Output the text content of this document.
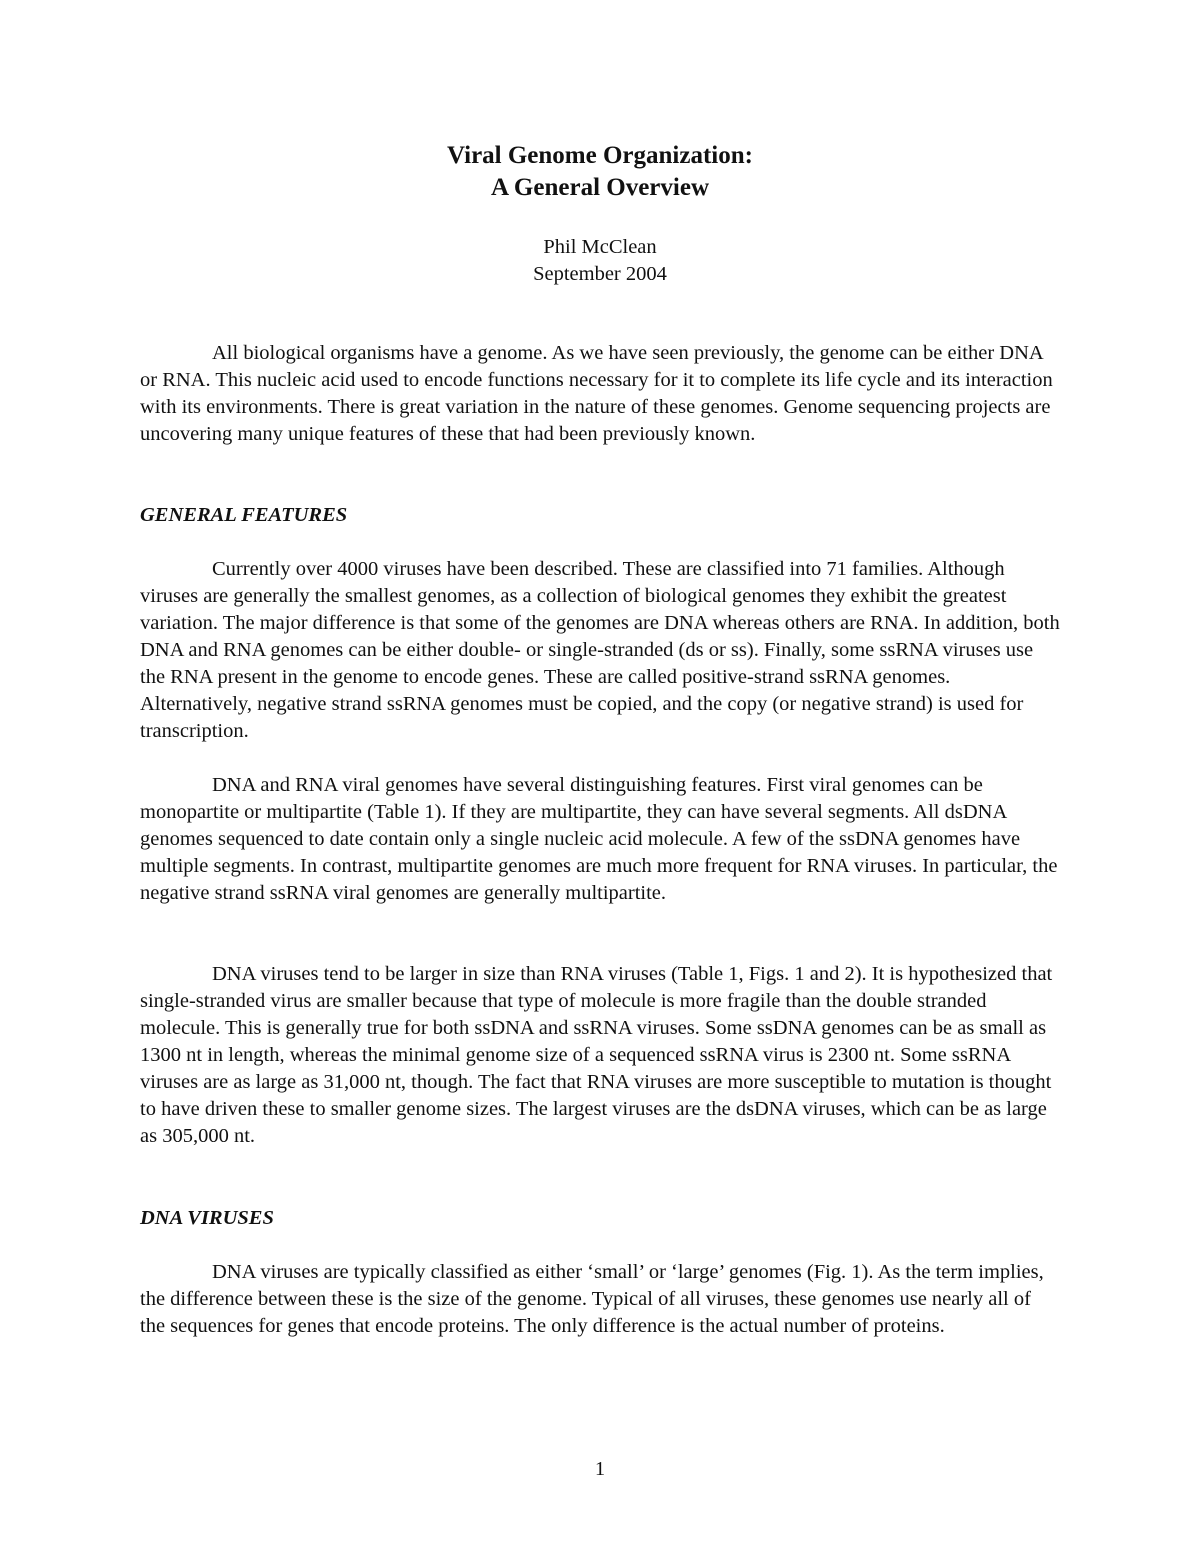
Viral Genome Organization:

A General Overview

Phil McClean
September 2004

All biological organisms have a genome. As we have seen previously, the genome can be either DNA or RNA. This nucleic acid used to encode functions necessary for it to complete its life cycle and its interaction with its environments. There is great variation in the nature of these genomes. Genome sequencing projects are uncovering many unique features of these that had been previously known.

GENERAL FEATURES

Currently over 4000 viruses have been described. These are classified into 71 families. Although viruses are generally the smallest genomes, as a collection of biological genomes they exhibit the greatest variation. The major difference is that some of the genomes are DNA whereas others are RNA. In addition, both DNA and RNA genomes can be either double- or single-stranded (ds or ss). Finally, some ssRNA viruses use the RNA present in the genome to encode genes. These are called positive-strand ssRNA genomes. Alternatively, negative strand ssRNA genomes must be copied, and the copy (or negative strand) is used for transcription.

DNA and RNA viral genomes have several distinguishing features. First viral genomes can be monopartite or multipartite (Table 1). If they are multipartite, they can have several segments. All dsDNA genomes sequenced to date contain only a single nucleic acid molecule. A few of the ssDNA genomes have multiple segments. In contrast, multipartite genomes are much more frequent for RNA viruses. In particular, the negative strand ssRNA viral genomes are generally multipartite.

DNA viruses tend to be larger in size than RNA viruses (Table 1, Figs. 1 and 2). It is hypothesized that single-stranded virus are smaller because that type of molecule is more fragile than the double stranded molecule. This is generally true for both ssDNA and ssRNA viruses. Some ssDNA genomes can be as small as 1300 nt in length, whereas the minimal genome size of a sequenced ssRNA virus is 2300 nt. Some ssRNA viruses are as large as 31,000 nt, though. The fact that RNA viruses are more susceptible to mutation is thought to have driven these to smaller genome sizes. The largest viruses are the dsDNA viruses, which can be as large as 305,000 nt.

DNA VIRUSES

DNA viruses are typically classified as either ‘small’ or ‘large’ genomes (Fig. 1). As the term implies, the difference between these is the size of the genome. Typical of all viruses, these genomes use nearly all of the sequences for genes that encode proteins. The only difference is the actual number of proteins.

1
